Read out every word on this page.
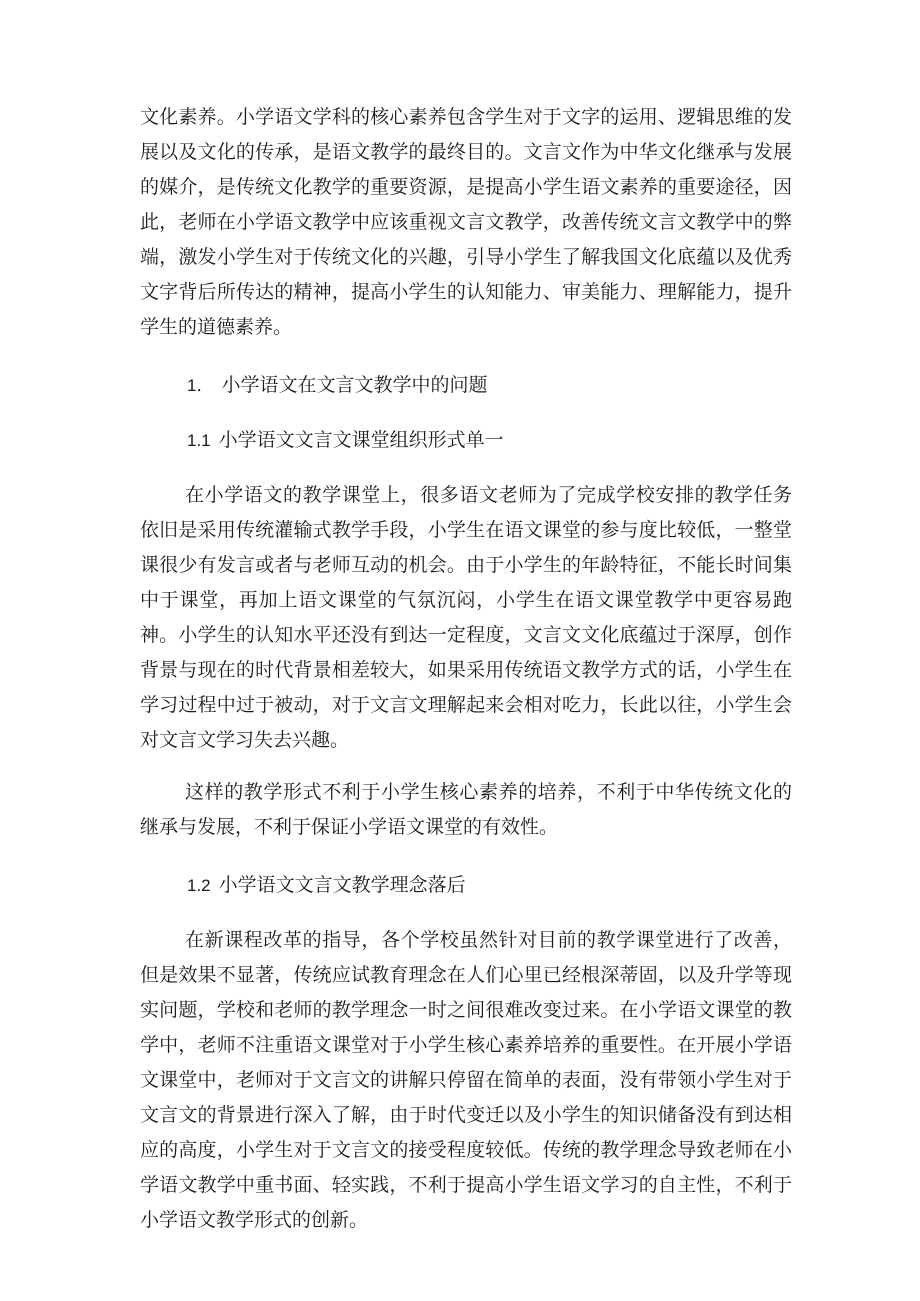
文化素养。小学语文学科的核心素养包含学生对于文字的运用、逻辑思维的发展以及文化的传承，是语文教学的最终目的。文言文作为中华文化继承与发展的媒介，是传统文化教学的重要资源，是提高小学生语文素养的重要途径，因此，老师在小学语文教学中应该重视文言文教学，改善传统文言文教学中的弊端，激发小学生对于传统文化的兴趣，引导小学生了解我国文化底蕴以及优秀文字背后所传达的精神，提高小学生的认知能力、审美能力、理解能力，提升学生的道德素养。

1． 小学语文在文言文教学中的问题

1.1 小学语文文言文课堂组织形式单一

在小学语文的教学课堂上，很多语文老师为了完成学校安排的教学任务依旧是采用传统灌输式教学手段，小学生在语文课堂的参与度比较低，一整堂课很少有发言或者与老师互动的机会。由于小学生的年龄特征，不能长时间集中于课堂，再加上语文课堂的气氛沉闷，小学生在语文课堂教学中更容易跑神。小学生的认知水平还没有到达一定程度，文言文文化底蕴过于深厚，创作背景与现在的时代背景相差较大，如果采用传统语文教学方式的话，小学生在学习过程中过于被动，对于文言文理解起来会相对吃力，长此以往，小学生会对文言文学习失去兴趣。

这样的教学形式不利于小学生核心素养的培养，不利于中华传统文化的继承与发展，不利于保证小学语文课堂的有效性。

1.2 小学语文文言文教学理念落后

在新课程改革的指导，各个学校虽然针对目前的教学课堂进行了改善，但是效果不显著，传统应试教育理念在人们心里已经根深蒂固，以及升学等现实问题，学校和老师的教学理念一时之间很难改变过来。在小学语文课堂的教学中，老师不注重语文课堂对于小学生核心素养培养的重要性。在开展小学语文课堂中，老师对于文言文的讲解只停留在简单的表面，没有带领小学生对于文言文的背景进行深入了解，由于时代变迁以及小学生的知识储备没有到达相应的高度，小学生对于文言文的接受程度较低。传统的教学理念导致老师在小学语文教学中重书面、轻实践，不利于提高小学生语文学习的自主性，不利于小学语文教学形式的创新。
